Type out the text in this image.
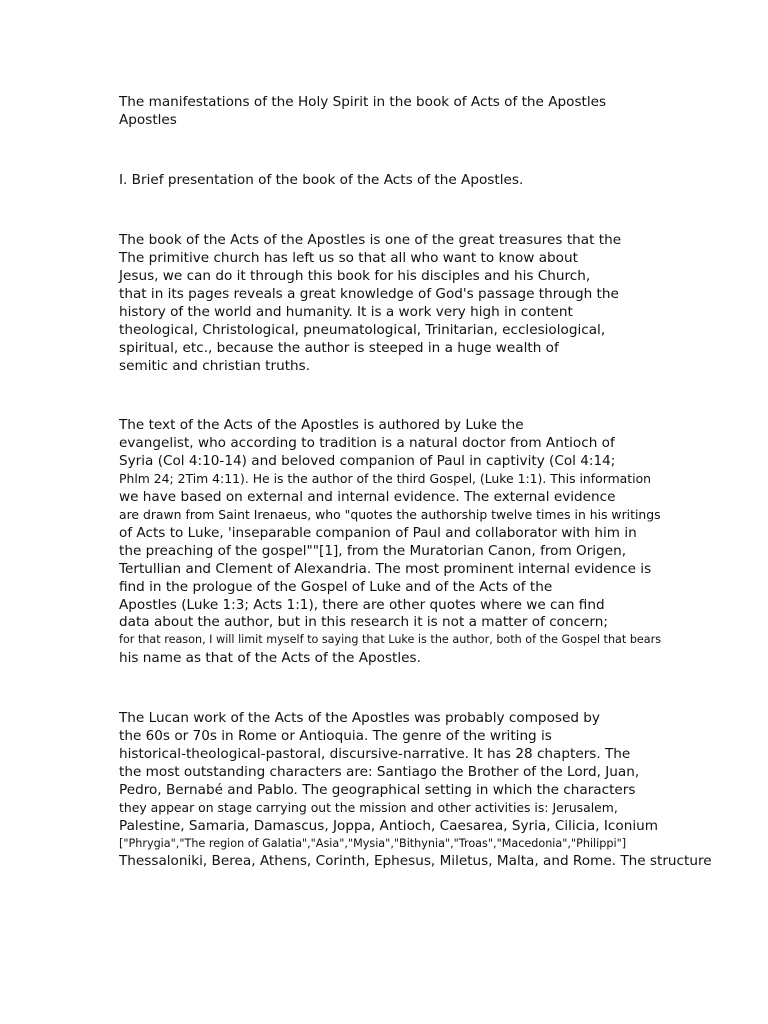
The manifestations of the Holy Spirit in the book of Acts of the Apostles
Apostles
I. Brief presentation of the book of the Acts of the Apostles.
The book of the Acts of the Apostles is one of the great treasures that the
The primitive church has left us so that all who want to know about
Jesus, we can do it through this book for his disciples and his Church,
that in its pages reveals a great knowledge of God's passage through the
history of the world and humanity. It is a work very high in content
theological, Christological, pneumatological, Trinitarian, ecclesiological,
spiritual, etc., because the author is steeped in a huge wealth of
semitic and christian truths.
The text of the Acts of the Apostles is authored by Luke the
evangelist, who according to tradition is a natural doctor from Antioch of
Syria (Col 4:10-14) and beloved companion of Paul in captivity (Col 4:14;
Phlm 24; 2Tim 4:11). He is the author of the third Gospel, (Luke 1:1). This information
we have based on external and internal evidence. The external evidence
are drawn from Saint Irenaeus, who "quotes the authorship twelve times in his writings
of Acts to Luke, 'inseparable companion of Paul and collaborator with him in
the preaching of the gospel""[1], from the Muratorian Canon, from Origen,
Tertullian and Clement of Alexandria. The most prominent internal evidence is
find in the prologue of the Gospel of Luke and of the Acts of the
Apostles (Luke 1:3; Acts 1:1), there are other quotes where we can find
data about the author, but in this research it is not a matter of concern;
for that reason, I will limit myself to saying that Luke is the author, both of the Gospel that bears
his name as that of the Acts of the Apostles.
The Lucan work of the Acts of the Apostles was probably composed by
the 60s or 70s in Rome or Antioquia. The genre of the writing is
historical-theological-pastoral, discursive-narrative. It has 28 chapters. The
the most outstanding characters are: Santiago the Brother of the Lord, Juan,
Pedro, Bernabé and Pablo. The geographical setting in which the characters
they appear on stage carrying out the mission and other activities is: Jerusalem,
Palestine, Samaria, Damascus, Joppa, Antioch, Caesarea, Syria, Cilicia, Iconium
["Phrygia","The region of Galatia","Asia","Mysia","Bithynia","Troas","Macedonia","Philippi"]
Thessaloniki, Berea, Athens, Corinth, Ephesus, Miletus, Malta, and Rome. The structure
